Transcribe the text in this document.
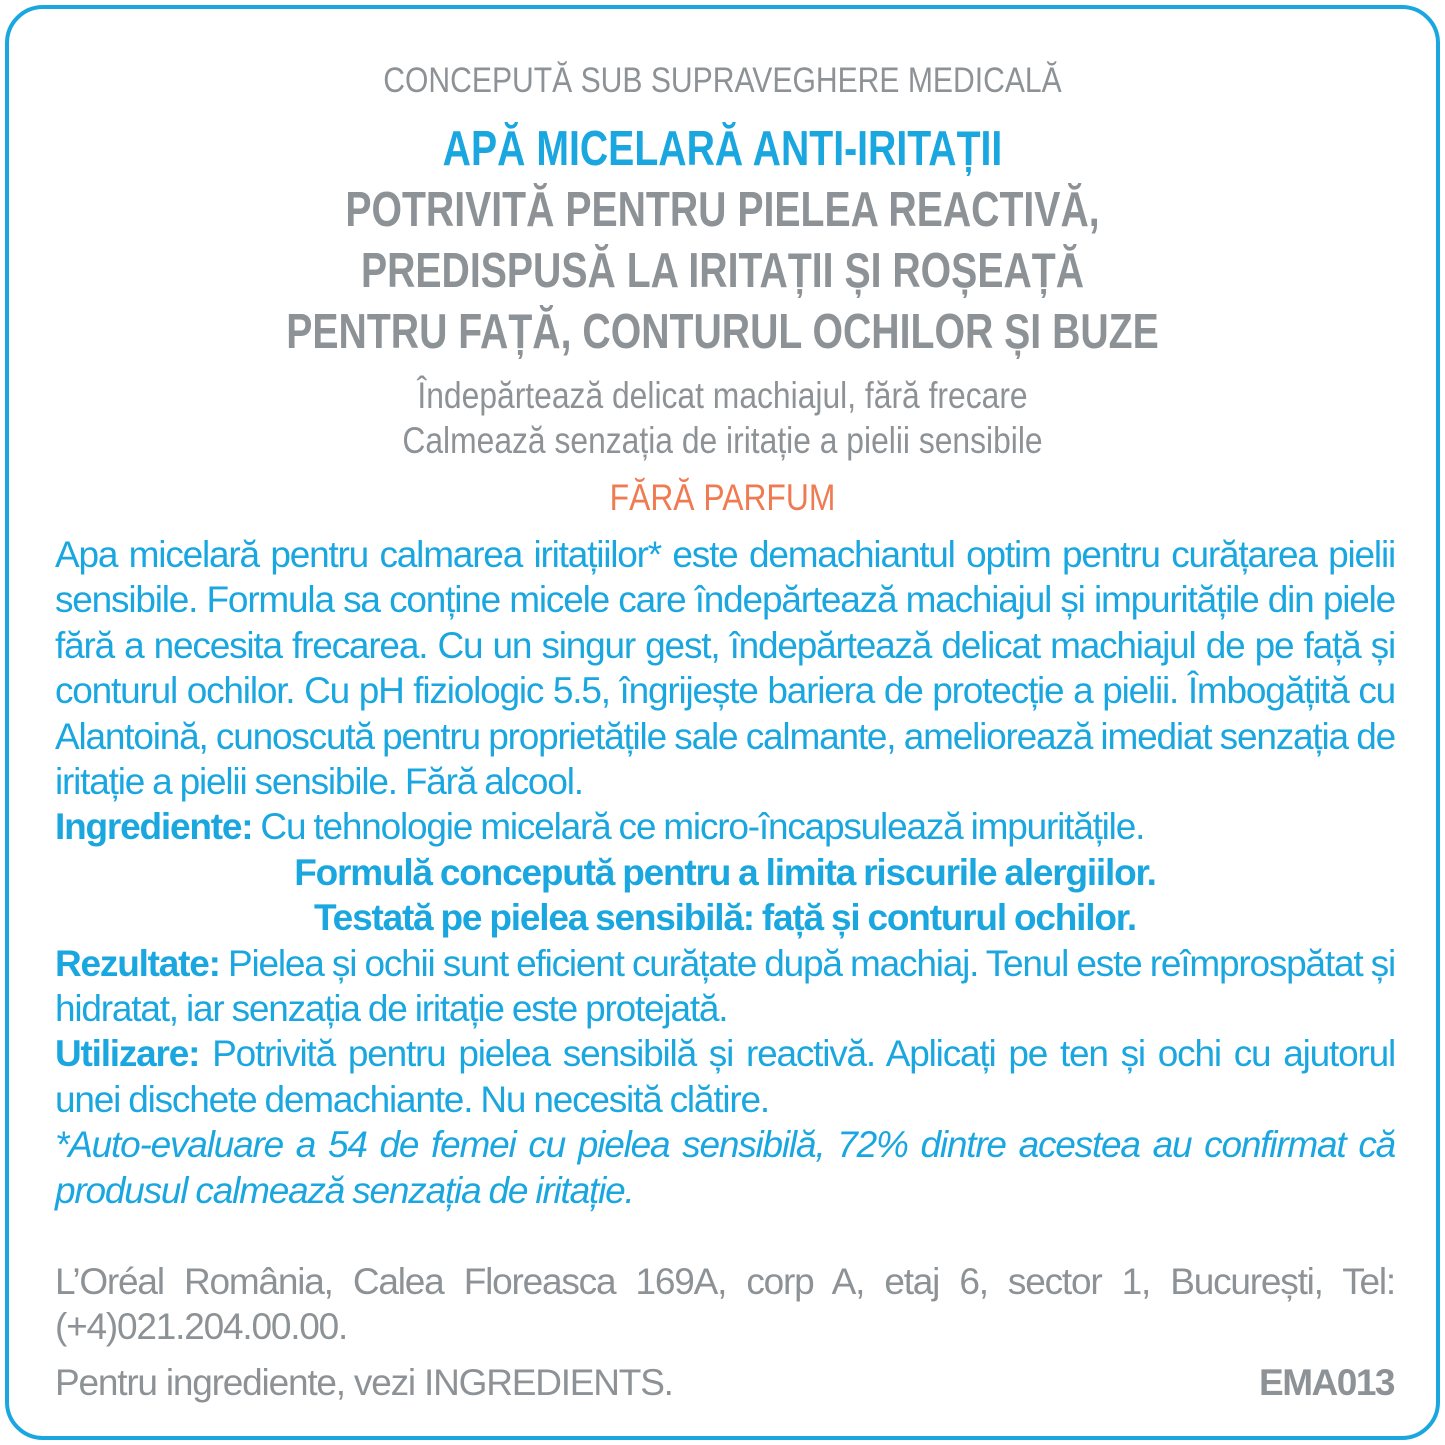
CONCEPUTĂ SUB SUPRAVEGHERE MEDICALĂ
APĂ MICELARĂ ANTI-IRITAȚII
POTRIVITĂ PENTRU PIELEA REACTIVĂ,
PREDISPUSĂ LA IRITAȚII ȘI ROȘEAȚĂ
PENTRU FAȚĂ, CONTURUL OCHILOR ȘI BUZE
Îndepărtează delicat machiajul, fără frecare
Calmează senzația de iritație a pielii sensibile
FĂRĂ PARFUM

Apa micelară pentru calmarea iritațiilor* este demachiantul optim pentru curățarea pielii sensibile. Formula sa conține micele care îndepărtează machiajul și impuritățile din piele fără a necesita frecarea. Cu un singur gest, îndepărtează delicat machiajul de pe față și conturul ochilor. Cu pH fiziologic 5.5, îngrijește bariera de protecție a pielii. Îmbogățită cu Alantoină, cunoscută pentru proprietățile sale calmante, ameliorează imediat senzația de iritație a pielii sensibile. Fără alcool.

Ingrediente: Cu tehnologie micelară ce micro-încapsulează impuritățile.

Formulă concepută pentru a limita riscurile alergiilor.

Testată pe pielea sensibilă: față și conturul ochilor.

Rezultate: Pielea și ochii sunt eficient curățate după machiaj. Tenul este reîmprospătat și hidratat, iar senzația de iritație este protejată.

Utilizare: Potrivită pentru pielea sensibilă și reactivă. Aplicați pe ten și ochi cu ajutorul unei dischete demachiante. Nu necesită clătire.

*Auto-evaluare a 54 de femei cu pielea sensibilă, 72% dintre acestea au confirmat că produsul calmează senzația de iritație.

L’Oréal România, Calea Floreasca 169A, corp A, etaj 6, sector 1, București, Tel: (+4)021.204.00.00.
Pentru ingrediente, vezi INGREDIENTS.	EMA013
